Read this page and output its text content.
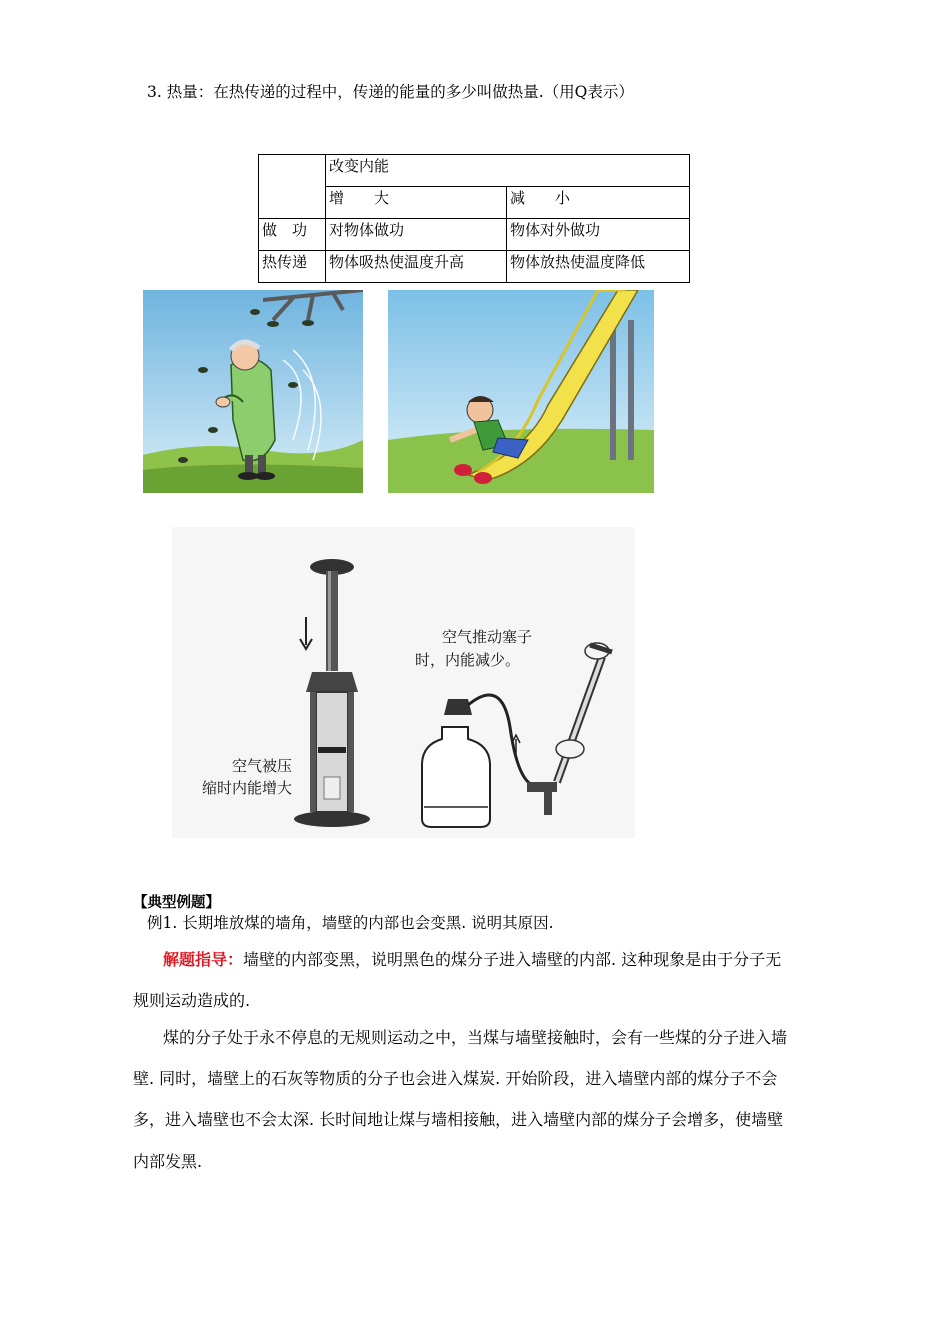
3. 热量：在热传递的过程中，传递的能量的多少叫做热量.（用Q表示）
	改变内能	
	增　　大	减　　小
做　功	对物体做功	物体对外做功
热传递	物体吸热使温度升高	物体放热使温度降低
空气被压
缩时内能增大
空气推动塞子
时，内能减少。
【典型例题】
例1. 长期堆放煤的墙角，墙壁的内部也会变黑. 说明其原因.
解题指导：墙壁的内部变黑，说明黑色的煤分子进入墙壁的内部. 这种现象是由于分子无
规则运动造成的.
煤的分子处于永不停息的无规则运动之中，当煤与墙壁接触时，会有一些煤的分子进入墙
壁. 同时，墙壁上的石灰等物质的分子也会进入煤炭. 开始阶段，进入墙壁内部的煤分子不会
多，进入墙壁也不会太深. 长时间地让煤与墙相接触，进入墙壁内部的煤分子会增多，使墙壁
内部发黑.
